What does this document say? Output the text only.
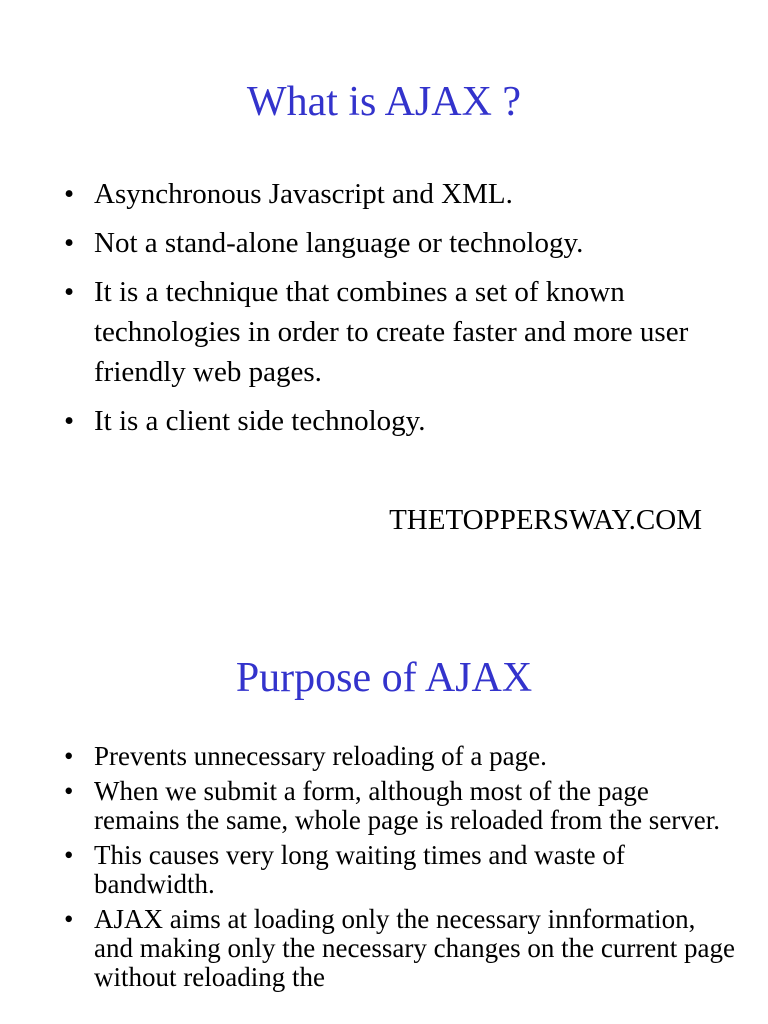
What is AJAX ?
• Asynchronous Javascript and XML.
• Not a stand-alone language or technology.
• It is a technique that combines a set of known technologies in order to create faster and more user friendly web pages.
• It is a client side technology.

THETOPPERSWAY.COM

Purpose of AJAX
• Prevents unnecessary reloading of a page.
• When we submit a form, although most of the page remains the same, whole page is reloaded from the server.
• This causes very long waiting times and waste of bandwidth.
• AJAX aims at loading only the necessary innformation, and making only the necessary changes on the current page without reloading the
